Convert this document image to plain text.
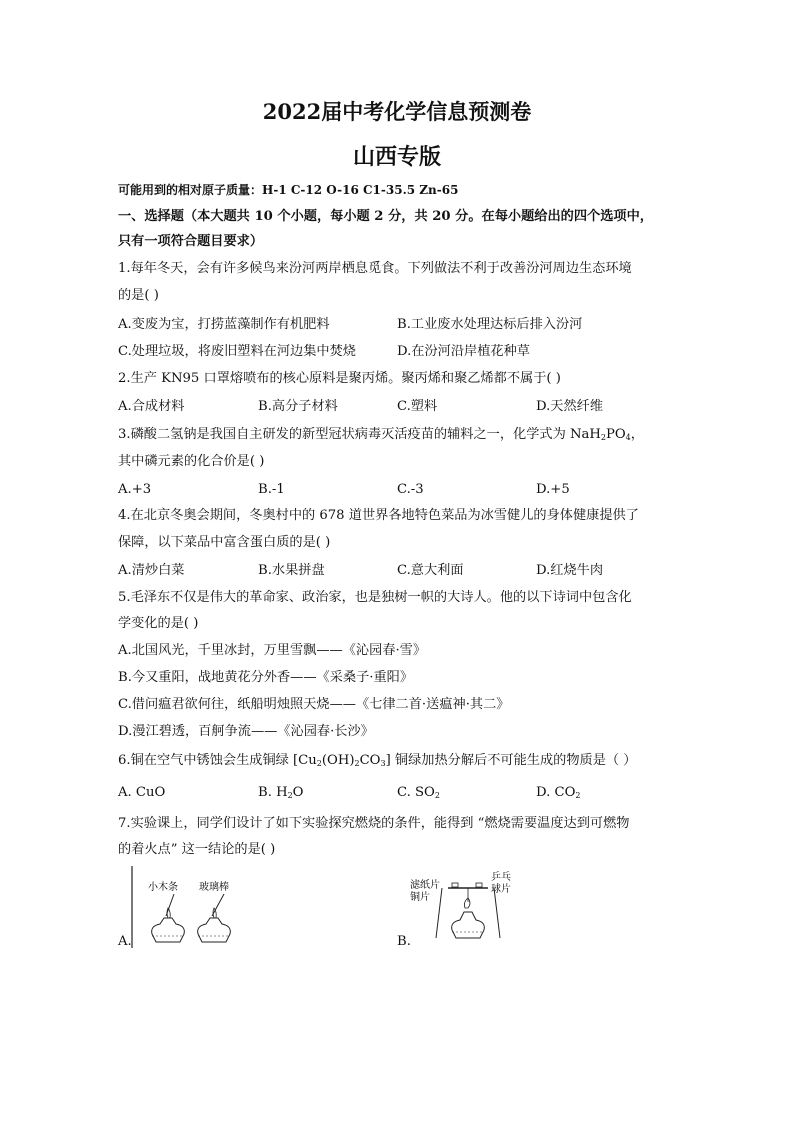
2022届中考化学信息预测卷
山西专版
可能用到的相对原子质量：H-1 C-12 O-16 C1-35.5 Zn-65
一、选择题（本大题共 10 个小题，每小题 2 分，共 20 分。在每小题给出的四个选项中，
只有一项符合题目要求）
1.每年冬天，会有许多候鸟来汾河两岸栖息觅食。下列做法不利于改善汾河周边生态环境
的是( )
A.变废为宝，打捞蓝藻制作有机肥料	B.工业废水处理达标后排入汾河
C.处理垃圾，将废旧塑料在河边集中焚烧	D.在汾河沿岸植花种草
2.生产 KN95 口罩熔喷布的核心原料是聚丙烯。聚丙烯和聚乙烯都不属于( )
A.合成材料	B.高分子材料	C.塑料	D.天然纤维
3.磷酸二氢钠是我国自主研发的新型冠状病毒灭活疫苗的辅料之一，化学式为 $NaH_2PO_4$，
其中磷元素的化合价是( )
A.+3	B.-1	C.-3	D.+5
4.在北京冬奥会期间，冬奥村中的 678 道世界各地特色菜品为冰雪健儿的身体健康提供了
保障，以下菜品中富含蛋白质的是( )
A.清炒白菜	B.水果拼盘	C.意大利面	D.红烧牛肉
5.毛泽东不仅是伟大的革命家、政治家，也是独树一帜的大诗人。他的以下诗词中包含化
学变化的是( )
A.北国风光，千里冰封，万里雪飘——《沁园春·雪》
B.今又重阳，战地黄花分外香——《采桑子·重阳》
C.借问瘟君欲何往，纸船明烛照天烧——《七律二首·送瘟神·其二》
D.漫江碧透，百舸争流——《沁园春·长沙》
6.铜在空气中锈蚀会生成铜绿 $[Cu_2(OH)_2CO_3]$ 铜绿加热分解后不可能生成的物质是（ ）
A. CuO	B. $H_2O$	C. $SO_2$	D. $CO_2$
7.实验课上，同学们设计了如下实验探究燃烧的条件，能得到 “燃烧需要温度达到可燃物
的着火点” 这一结论的是( )
A.	B.
小木条 玻璃棒	滤纸片
铜片
乒乓
球片
